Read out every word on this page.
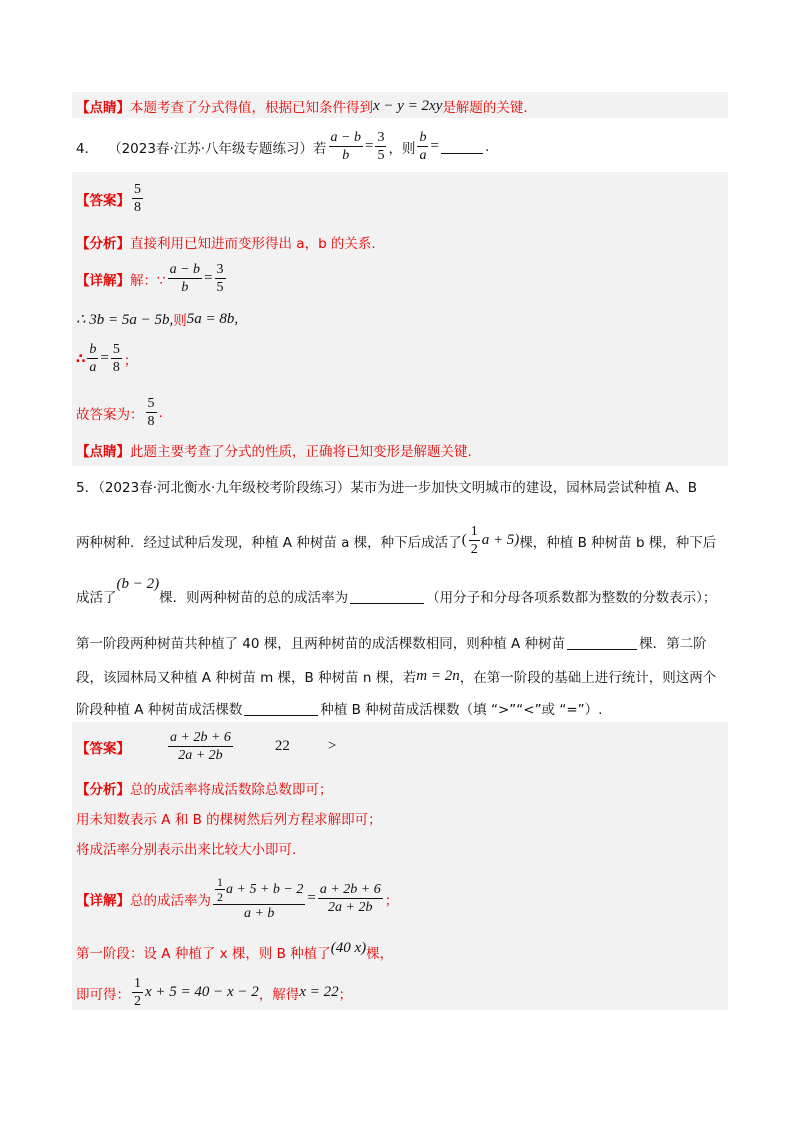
【点睛】 本题考查了分式得值，根据已知条件得到 x − y = 2xy 是解题的关键.
4． （2023春·江苏·八年级专题练习）若 $\frac{a - b}{b} = \frac{3}{5}$ ，则 $\frac{b}{a}$ =	.
【答案】 $\frac{5}{8}$
【分析】 直接利用已知进而变形得出 a，b 的关系.
【详解】 解：∵ $\frac{a - b}{b} = \frac{3}{5}$
∴ 3b = 5a − 5b, 则 5a = 8b,
∴ $\frac{b}{a} = \frac{5}{8}$ ；
故答案为： $\frac{5}{8}$ .
【点睛】 此题主要考查了分式的性质，正确将已知变形是解题关键.
5．（2023春·河北衡水·九年级校考阶段练习）某市为进一步加快文明城市的建设，园林局尝试种植 A、B
两种树种．经过试种后发现，种植 A 种树苗 a 棵，种下后成活了 ( $\frac{1}{2}$ a + 5) 棵，种植 B 种树苗 b 棵，种下后
成活了
(b − 2)
棵．则两种树苗的总的成活率为	（用分子和分母各项系数都为整数的分数表示）；
第一阶段两种树苗共种植了 40 棵，且两种树苗的成活棵数相同，则种植 A 种树苗	棵．第二阶
段，该园林局又种植 A 种树苗 m 棵，B 种树苗 n 棵，若 m = 2n ，在第一阶段的基础上进行统计，则这两个
阶段种植 A 种树苗成活棵数	种植 B 种树苗成活棵数（填 “>”“<”或 “=”）.
【答案】	$\frac{a + 2b + 6}{2a + 2b}$	22	>
【分析】 总的成活率将成活数除总数即可；
用未知数表示 A 和 B 的棵树然后列方程求解即可；
将成活率分别表示出来比较大小即可.
【详解】 总的成活率为 $\frac{\frac{1}{2} a + 5 + b - 2}{a + b} = \frac{a + 2b + 6}{2a + 2b}$ ；
第一阶段：设 A 种植了 x 棵，则 B 种植了 (40 x) 棵，
即可得： $\frac{1}{2}$ x + 5 = 40 − x − 2 ，解得 x = 22 ；
